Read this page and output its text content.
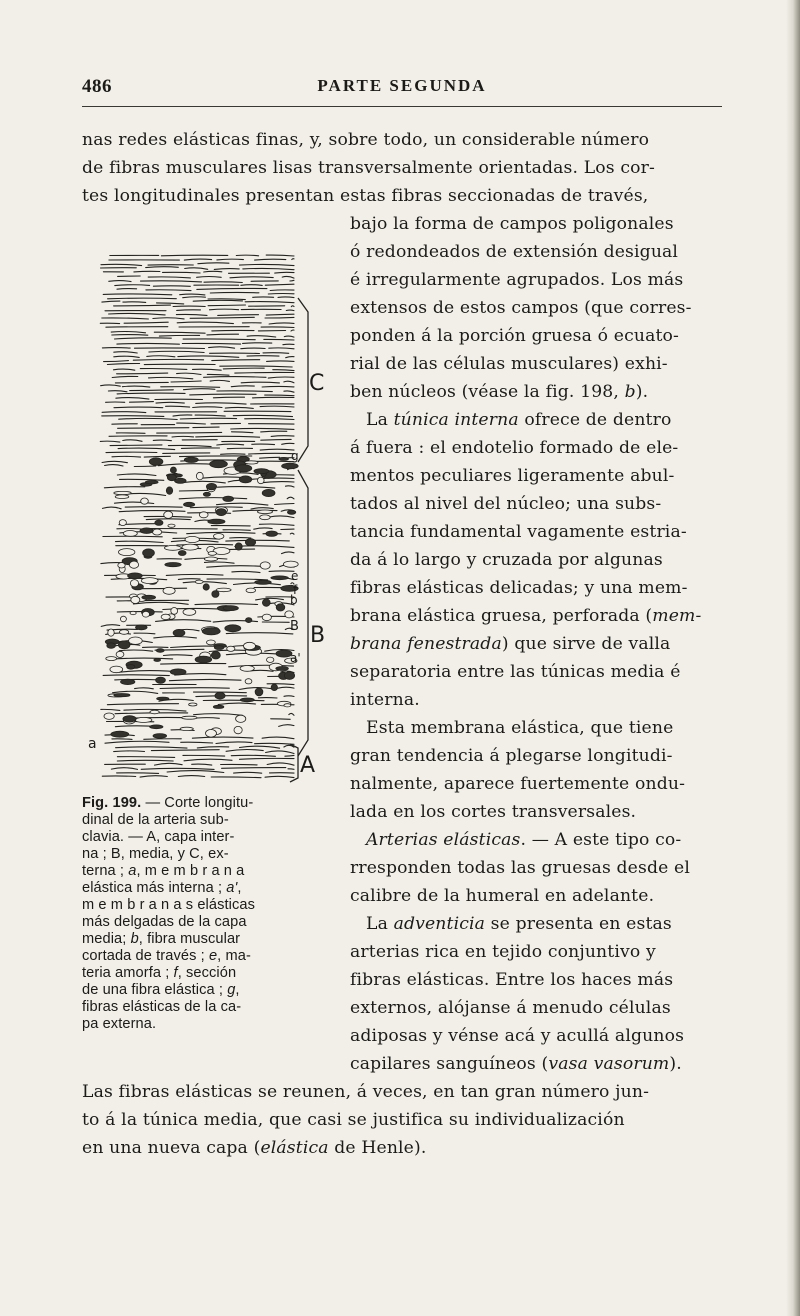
486	PARTE SEGUNDA
nas redes elásticas finas, y, sobre todo, un considerable número
de fibras musculares lisas transversalmente orientadas. Los cor-
tes longitudinales presentan estas fibras seccionadas de través,
bajo la forma de campos poligonales
ó redondeados de extensión desigual
é irregularmente agrupados. Los más
extensos de estos campos (que corres-
ponden á la porción gruesa ó ecuato-
rial de las células musculares) exhi-
ben núcleos (véase la fig. 198, b).
La túnica interna ofrece de dentro
á fuera : el endotelio formado de ele-
mentos peculiares ligeramente abul-
tados al nivel del núcleo; una subs-
tancia fundamental vagamente estria-
da á lo largo y cruzada por algunas
fibras elásticas delicadas; y una mem-
brana elástica gruesa, perforada (mem-
brana fenestrada) que sirve de valla
separatoria entre las túnicas media é
interna.
Esta membrana elástica, que tiene
gran tendencia á plegarse longitudi-
nalmente, aparece fuertemente ondu-
lada en los cortes transversales.
Arterias elásticas. — A este tipo co-
rresponden todas las gruesas desde el
calibre de la humeral en adelante.
La adventicia se presenta en estas
arterias rica en tejido conjuntivo y
fibras elásticas. Entre los haces más
externos, alójanse á menudo células
adiposas y vénse acá y acullá algunos
capilares sanguíneos (vasa vasorum).
Las fibras elásticas se reunen, á veces, en tan gran número jun-
to á la túnica media, que casi se justifica su individualización
en una nueva capa (elástica de Henle).
C
g
e
f
b
B B
a'
a
A
Fig. 199. — Corte longitu-
dinal de la arteria sub-
clavia. — A, capa inter-
na ; B, media, y C, ex-
terna ; a, m e m b r a n a
elástica más interna ; a',
m e m b r a n a s elásticas
más delgadas de la capa
media; b, fibra muscular
cortada de través ; e, ma-
teria amorfa ; f, sección
de una fibra elástica ; g,
fibras elásticas de la ca-
pa externa.
